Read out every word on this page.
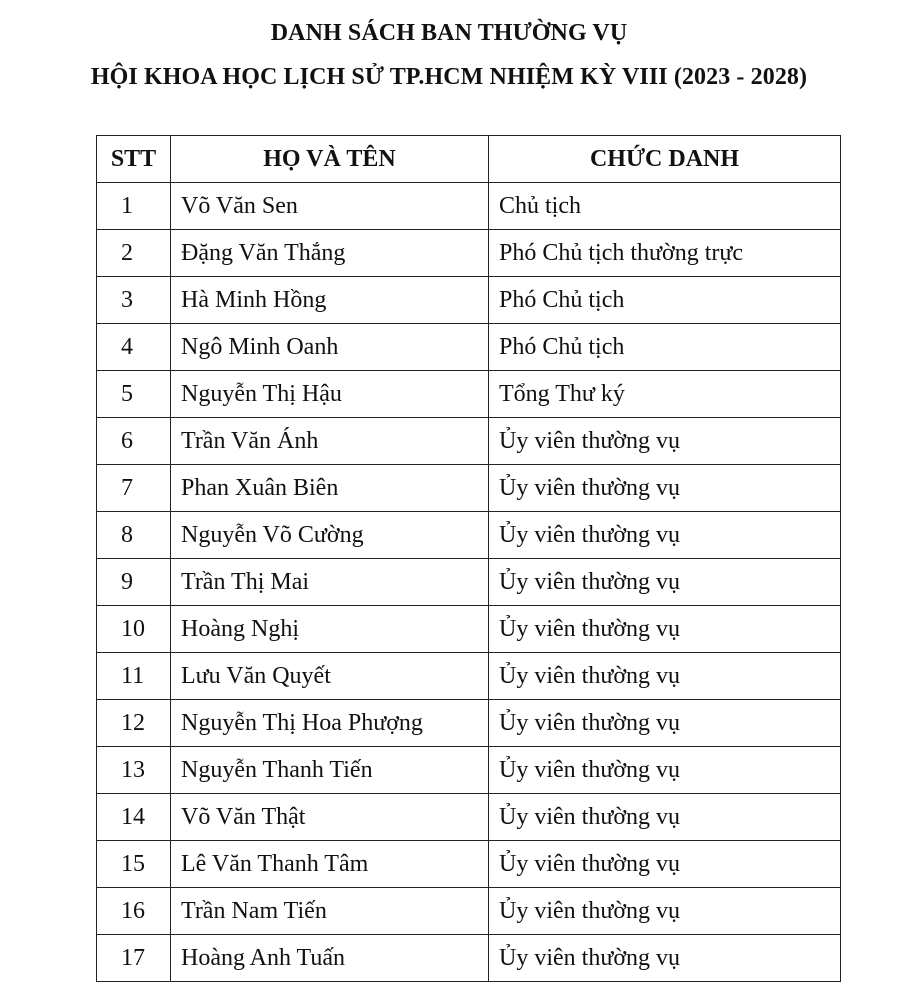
DANH SÁCH BAN THƯỜNG VỤ
HỘI KHOA HỌC LỊCH SỬ TP.HCM NHIỆM KỲ VIII (2023 - 2028)
STT	HỌ VÀ TÊN	CHỨC DANH
1	Võ Văn Sen	Chủ tịch
2	Đặng Văn Thắng	Phó Chủ tịch thường trực
3	Hà Minh Hồng	Phó Chủ tịch
4	Ngô Minh Oanh	Phó Chủ tịch
5	Nguyễn Thị Hậu	Tổng Thư ký
6	Trần Văn Ánh	Ủy viên thường vụ
7	Phan Xuân Biên	Ủy viên thường vụ
8	Nguyễn Võ Cường	Ủy viên thường vụ
9	Trần Thị Mai	Ủy viên thường vụ
10	Hoàng Nghị	Ủy viên thường vụ
11	Lưu Văn Quyết	Ủy viên thường vụ
12	Nguyễn Thị Hoa Phượng	Ủy viên thường vụ
13	Nguyễn Thanh Tiến	Ủy viên thường vụ
14	Võ Văn Thật	Ủy viên thường vụ
15	Lê Văn Thanh Tâm	Ủy viên thường vụ
16	Trần Nam Tiến	Ủy viên thường vụ
17	Hoàng Anh Tuấn	Ủy viên thường vụ
